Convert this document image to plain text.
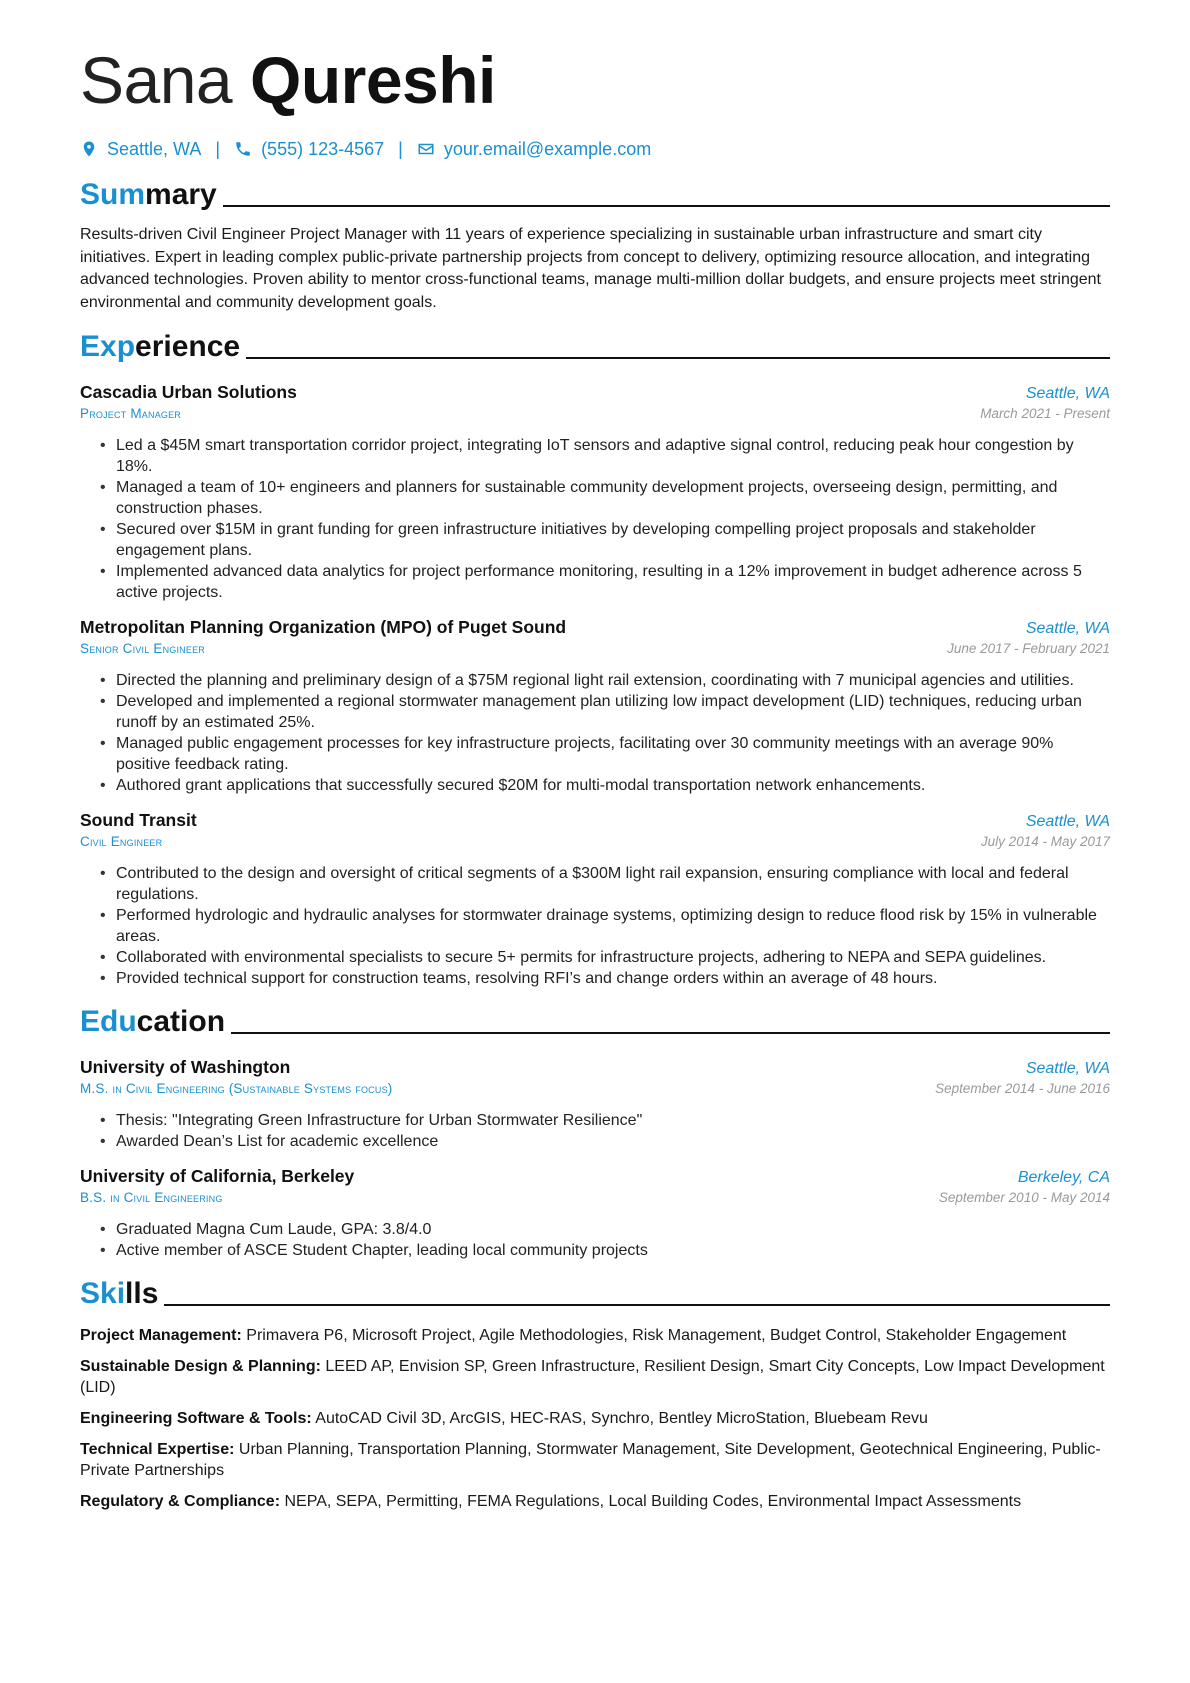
Sana Qureshi
Seattle, WA | (555) 123-4567 | your.email@example.com
Summary

Results-driven Civil Engineer Project Manager with 11 years of experience specializing in sustainable urban infrastructure and smart city initiatives. Expert in leading complex public-private partnership projects from concept to delivery, optimizing resource allocation, and integrating advanced technologies. Proven ability to mentor cross-functional teams, manage multi-million dollar budgets, and ensure projects meet stringent environmental and community development goals.

Experience
Cascadia Urban Solutions	Seattle, WA
Project Manager	March 2021 - Present
• Led a $45M smart transportation corridor project, integrating IoT sensors and adaptive signal control, reducing peak hour congestion by 18%.
• Managed a team of 10+ engineers and planners for sustainable community development projects, overseeing design, permitting, and construction phases.
• Secured over $15M in grant funding for green infrastructure initiatives by developing compelling project proposals and stakeholder engagement plans.
• Implemented advanced data analytics for project performance monitoring, resulting in a 12% improvement in budget adherence across 5 active projects.
Metropolitan Planning Organization (MPO) of Puget Sound	Seattle, WA
Senior Civil Engineer	June 2017 - February 2021
• Directed the planning and preliminary design of a $75M regional light rail extension, coordinating with 7 municipal agencies and utilities.
• Developed and implemented a regional stormwater management plan utilizing low impact development (LID) techniques, reducing urban runoff by an estimated 25%.
• Managed public engagement processes for key infrastructure projects, facilitating over 30 community meetings with an average 90% positive feedback rating.
• Authored grant applications that successfully secured $20M for multi-modal transportation network enhancements.
Sound Transit	Seattle, WA
Civil Engineer	July 2014 - May 2017
• Contributed to the design and oversight of critical segments of a $300M light rail expansion, ensuring compliance with local and federal regulations.
• Performed hydrologic and hydraulic analyses for stormwater drainage systems, optimizing design to reduce flood risk by 15% in vulnerable areas.
• Collaborated with environmental specialists to secure 5+ permits for infrastructure projects, adhering to NEPA and SEPA guidelines.
• Provided technical support for construction teams, resolving RFI’s and change orders within an average of 48 hours.
Education
University of Washington	Seattle, WA
M.S. in Civil Engineering (Sustainable Systems focus)	September 2014 - June 2016
• Thesis: "Integrating Green Infrastructure for Urban Stormwater Resilience"
• Awarded Dean’s List for academic excellence
University of California, Berkeley	Berkeley, CA
B.S. in Civil Engineering	September 2010 - May 2014
• Graduated Magna Cum Laude, GPA: 3.8/4.0
• Active member of ASCE Student Chapter, leading local community projects
Skills
Project Management: Primavera P6, Microsoft Project, Agile Methodologies, Risk Management, Budget Control, Stakeholder Engagement
Sustainable Design & Planning: LEED AP, Envision SP, Green Infrastructure, Resilient Design, Smart City Concepts, Low Impact Development (LID)
Engineering Software & Tools: AutoCAD Civil 3D, ArcGIS, HEC-RAS, Synchro, Bentley MicroStation, Bluebeam Revu
Technical Expertise: Urban Planning, Transportation Planning, Stormwater Management, Site Development, Geotechnical Engineering, Public-Private Partnerships
Regulatory & Compliance: NEPA, SEPA, Permitting, FEMA Regulations, Local Building Codes, Environmental Impact Assessments
